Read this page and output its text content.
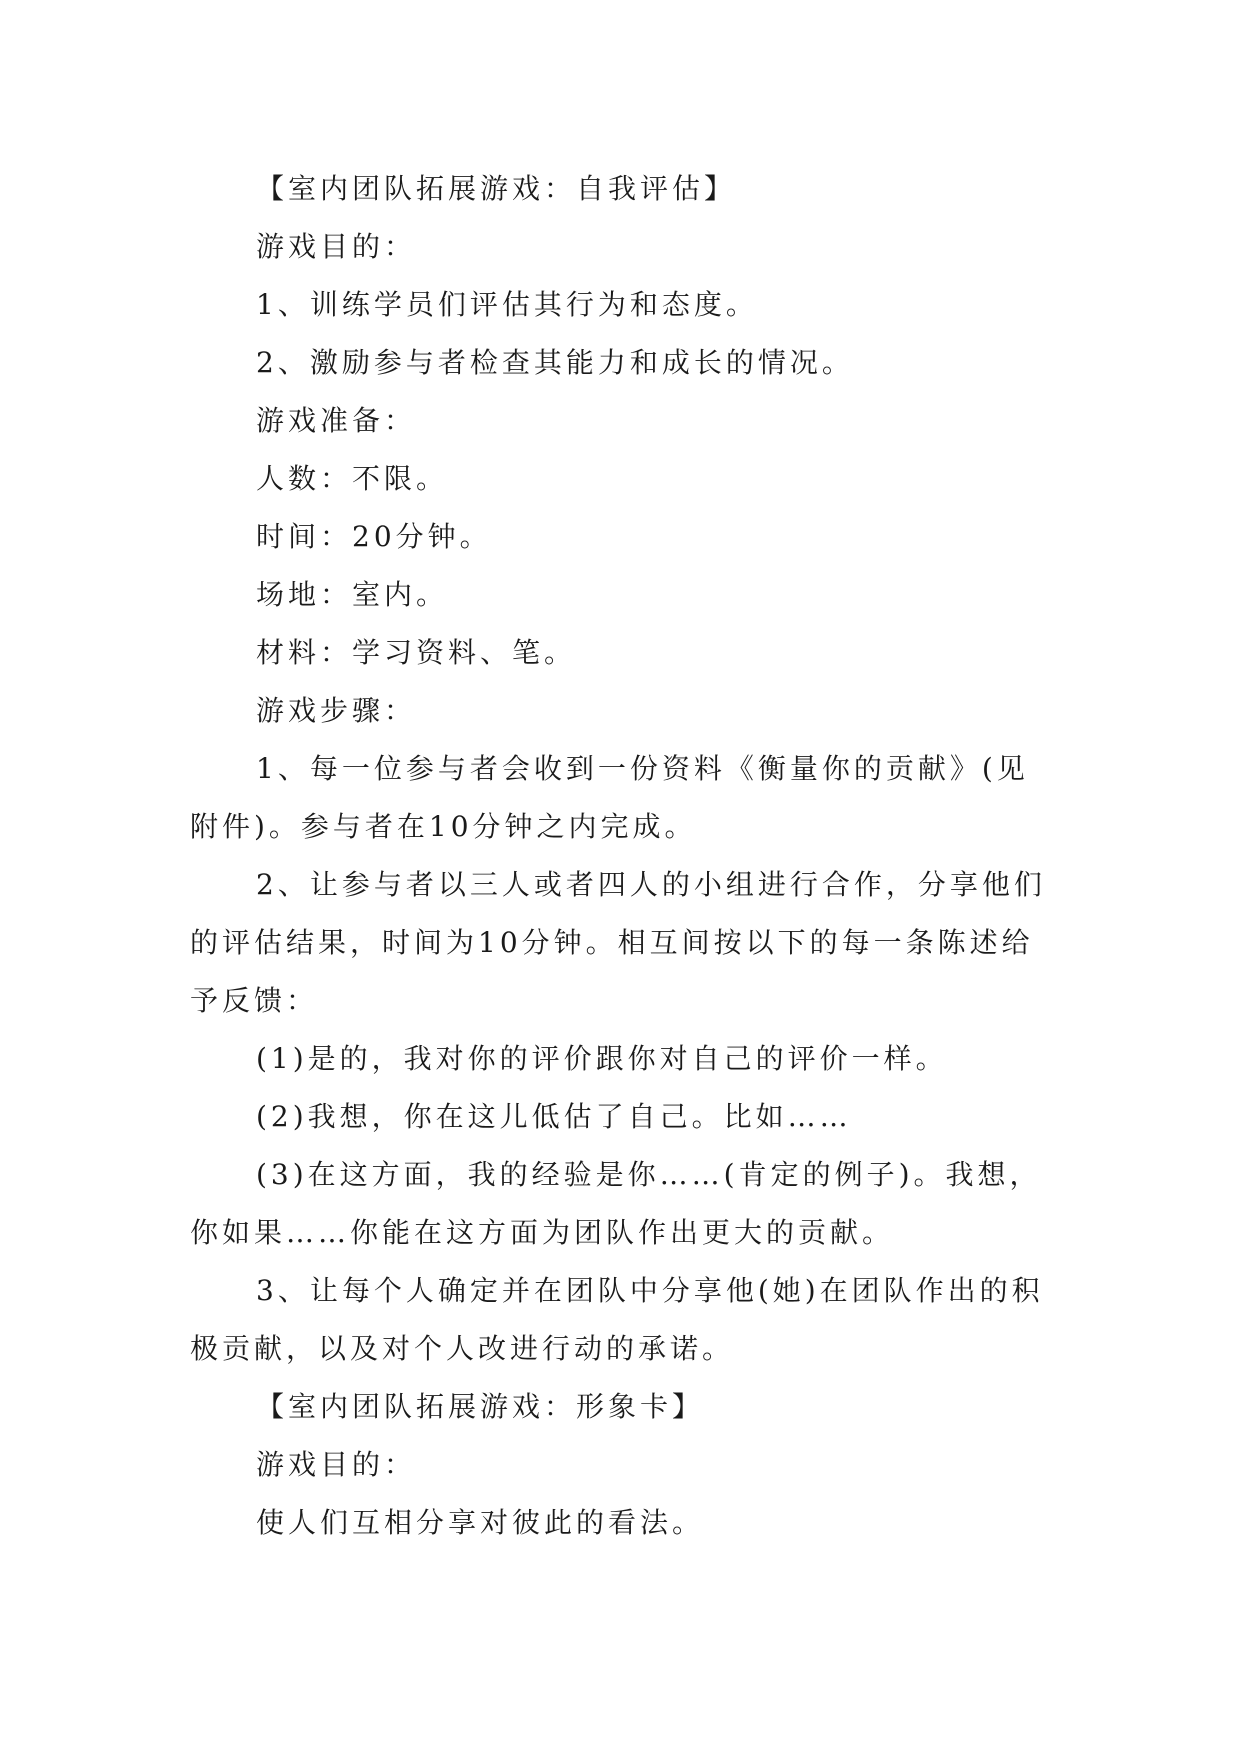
【室内团队拓展游戏：自我评估】

游戏目的：

1、训练学员们评估其行为和态度。

2、激励参与者检查其能力和成长的情况。

游戏准备：

人数：不限。

时间：20分钟。

场地：室内。

材料：学习资料、笔。

游戏步骤：

1、每一位参与者会收到一份资料《衡量你的贡献》(见附件)。参与者在10分钟之内完成。

2、让参与者以三人或者四人的小组进行合作，分享他们的评估结果，时间为10分钟。相互间按以下的每一条陈述给予反馈：

(1)是的，我对你的评价跟你对自己的评价一样。

(2)我想，你在这儿低估了自己。比如……

(3)在这方面，我的经验是你……(肯定的例子)。我想，你如果……你能在这方面为团队作出更大的贡献。

3、让每个人确定并在团队中分享他(她)在团队作出的积极贡献，以及对个人改进行动的承诺。

【室内团队拓展游戏：形象卡】

游戏目的：

使人们互相分享对彼此的看法。
